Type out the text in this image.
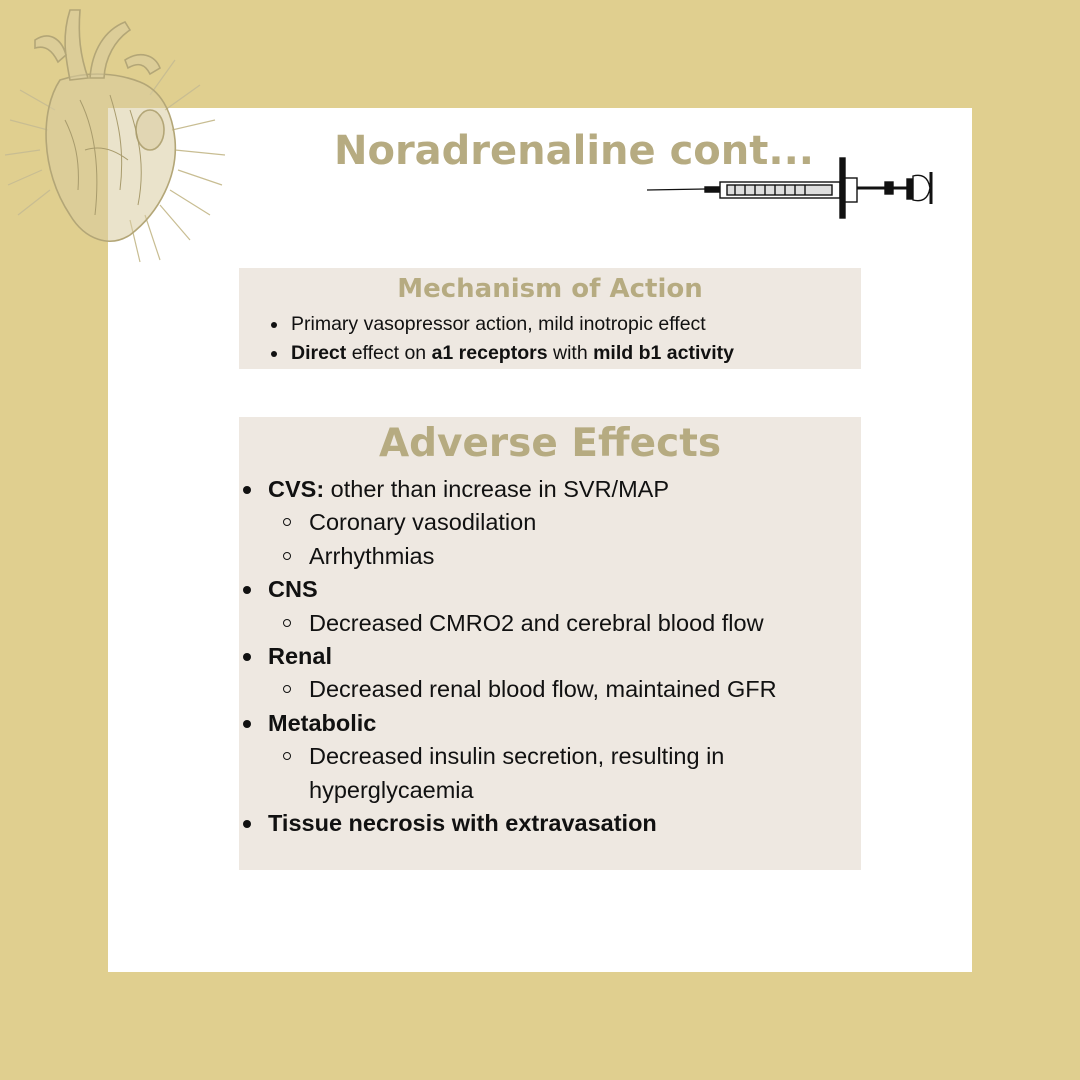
Noradrenaline cont...
Mechanism of Action
Primary vasopressor action, mild inotropic effect
Direct effect on a1 receptors with mild b1 activity
Adverse Effects
CVS: other than increase in SVR/MAP
Coronary vasodilation
Arrhythmias
CNS
Decreased CMRO2 and cerebral blood flow
Renal
Decreased renal blood flow, maintained GFR
Metabolic
Decreased insulin secretion, resulting in hyperglycaemia
Tissue necrosis with extravasation
